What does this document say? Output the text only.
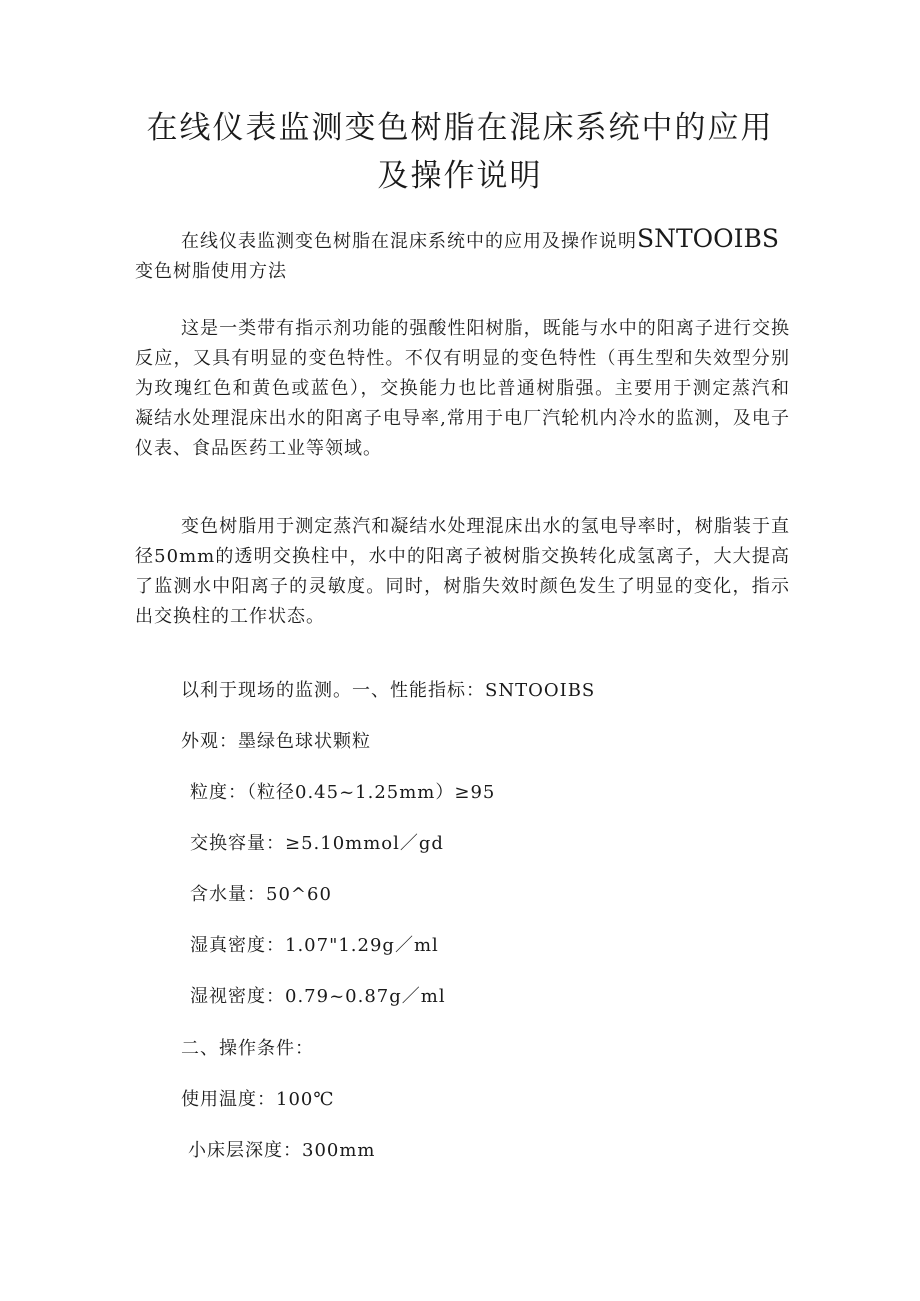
在线仪表监测变色树脂在混床系统中的应用
及操作说明
在线仪表监测变色树脂在混床系统中的应用及操作说明SNTOOIBS
变色树脂使用方法
这是一类带有指示剂功能的强酸性阳树脂，既能与水中的阳离子进行交换反应，又具有明显的变色特性。不仅有明显的变色特性（再生型和失效型分别为玫瑰红色和黄色或蓝色），交换能力也比普通树脂强。主要用于测定蒸汽和凝结水处理混床出水的阳离子电导率,常用于电厂汽轮机内冷水的监测，及电子仪表、食品医药工业等领域。
变色树脂用于测定蒸汽和凝结水处理混床出水的氢电导率时，树脂装于直径50mm的透明交换柱中，水中的阳离子被树脂交换转化成氢离子，大大提高了监测水中阳离子的灵敏度。同时，树脂失效时颜色发生了明显的变化，指示出交换柱的工作状态。
以利于现场的监测。一、性能指标：SNTOOIBS
外观：墨绿色球状颗粒
粒度：（粒径0.45~1.25mm）≥95
交换容量：≥5.10mmol／gd
含水量：50^60
湿真密度：1.07"1.29g／ml
湿视密度：0.79~0.87g／ml
二、操作条件：
使用温度：100℃
小床层深度：300mm
